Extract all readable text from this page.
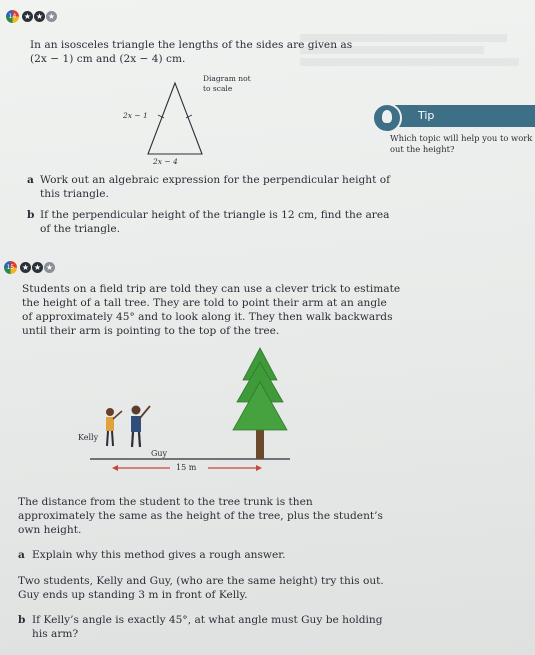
14 ★ ★ ★
In an isosceles triangle the lengths of the sides are given as
(2x − 1) cm and (2x − 4) cm.
Diagram not
to scale
2x − 1
2x − 4
Tip
Which topic will help you to work
out the height?
a Work out an algebraic expression for the perpendicular height of
this triangle.
b If the perpendicular height of the triangle is 12 cm, find the area
of the triangle.
15 ★ ★ ★
Students on a field trip are told they can use a clever trick to estimate
the height of a tall tree. They are told to point their arm at an angle
of approximately 45° and to look along it. They then walk backwards
until their arm is pointing to the top of the tree.
Kelly
Guy
15 m
The distance from the student to the tree trunk is then
approximately the same as the height of the tree, plus the student’s
own height.
a Explain why this method gives a rough answer.
Two students, Kelly and Guy, (who are the same height) try this out.
Guy ends up standing 3 m in front of Kelly.
b If Kelly’s angle is exactly 45°, at what angle must Guy be holding
his arm?
